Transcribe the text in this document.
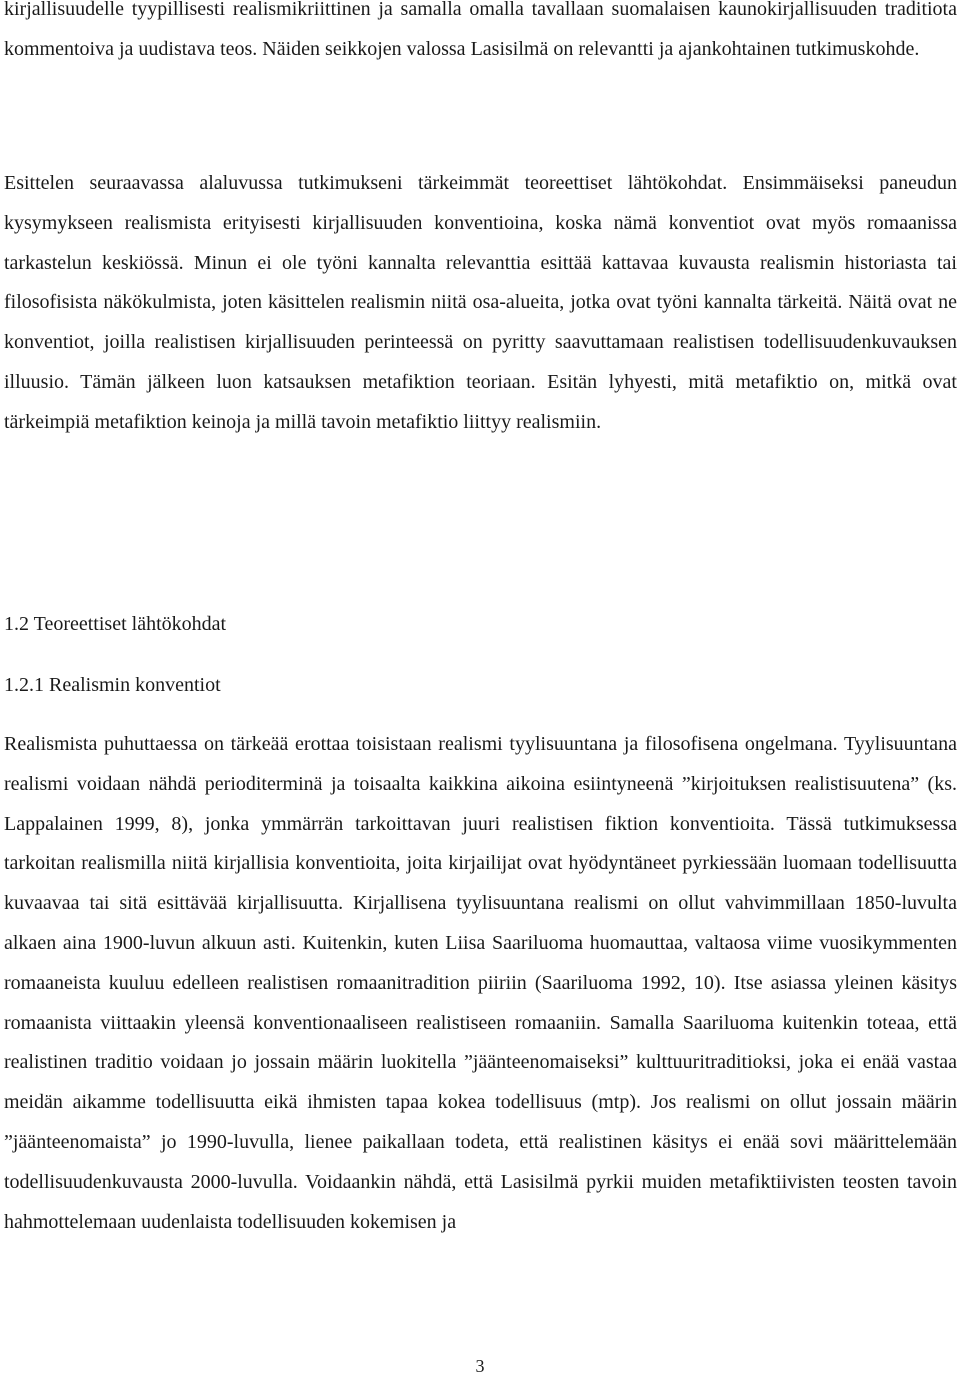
kirjallisuudelle tyypillisesti realismikriittinen ja samalla omalla tavallaan suomalaisen kaunokirjallisuuden traditiota kommentoiva ja uudistava teos. Näiden seikkojen valossa Lasisilmä on relevantti ja ajankohtainen tutkimuskohde.

Esittelen seuraavassa alaluvussa tutkimukseni tärkeimmät teoreettiset lähtökohdat. Ensimmäiseksi paneudun kysymykseen realismista erityisesti kirjallisuuden konventioina, koska nämä konventiot ovat myös romaanissa tarkastelun keskiössä. Minun ei ole työni kannalta relevanttia esittää kattavaa kuvausta realismin historiasta tai filosofisista näkökulmista, joten käsittelen realismin niitä osa-alueita, jotka ovat työni kannalta tärkeitä. Näitä ovat ne konventiot, joilla realistisen kirjallisuuden perinteessä on pyritty saavuttamaan realistisen todellisuudenkuvauksen illuusio. Tämän jälkeen luon katsauksen metafiktion teoriaan. Esitän lyhyesti, mitä metafiktio on, mitkä ovat tärkeimpiä metafiktion keinoja ja millä tavoin metafiktio liittyy realismiin.

1.2 Teoreettiset lähtökohdat
1.2.1 Realismin konventiot

Realismista puhuttaessa on tärkeää erottaa toisistaan realismi tyylisuuntana ja filosofisena ongelmana. Tyylisuuntana realismi voidaan nähdä perioditerminä ja toisaalta kaikkina aikoina esiintyneenä ”kirjoituksen realistisuutena” (ks. Lappalainen 1999, 8), jonka ymmärrän tarkoittavan juuri realistisen fiktion konventioita. Tässä tutkimuksessa tarkoitan realismilla niitä kirjallisia konventioita, joita kirjailijat ovat hyödyntäneet pyrkiessään luomaan todellisuutta kuvaavaa tai sitä esittävää kirjallisuutta. Kirjallisena tyylisuuntana realismi on ollut vahvimmillaan 1850-luvulta alkaen aina 1900-luvun alkuun asti. Kuitenkin, kuten Liisa Saariluoma huomauttaa, valtaosa viime vuosikymmenten romaaneista kuuluu edelleen realistisen romaanitradition piiriin (Saariluoma 1992, 10). Itse asiassa yleinen käsitys romaanista viittaakin yleensä konventionaaliseen realistiseen romaaniin. Samalla Saariluoma kuitenkin toteaa, että realistinen traditio voidaan jo jossain määrin luokitella ”jäänteenomaiseksi” kulttuuritraditioksi, joka ei enää vastaa meidän aikamme todellisuutta eikä ihmisten tapaa kokea todellisuus (mtp). Jos realismi on ollut jossain määrin ”jäänteenomaista” jo 1990-luvulla, lienee paikallaan todeta, että realistinen käsitys ei enää sovi määrittelemään todellisuudenkuvausta 2000-luvulla. Voidaankin nähdä, että Lasisilmä pyrkii muiden metafiktiivisten teosten tavoin hahmottelemaan uudenlaista todellisuuden kokemisen ja

3
